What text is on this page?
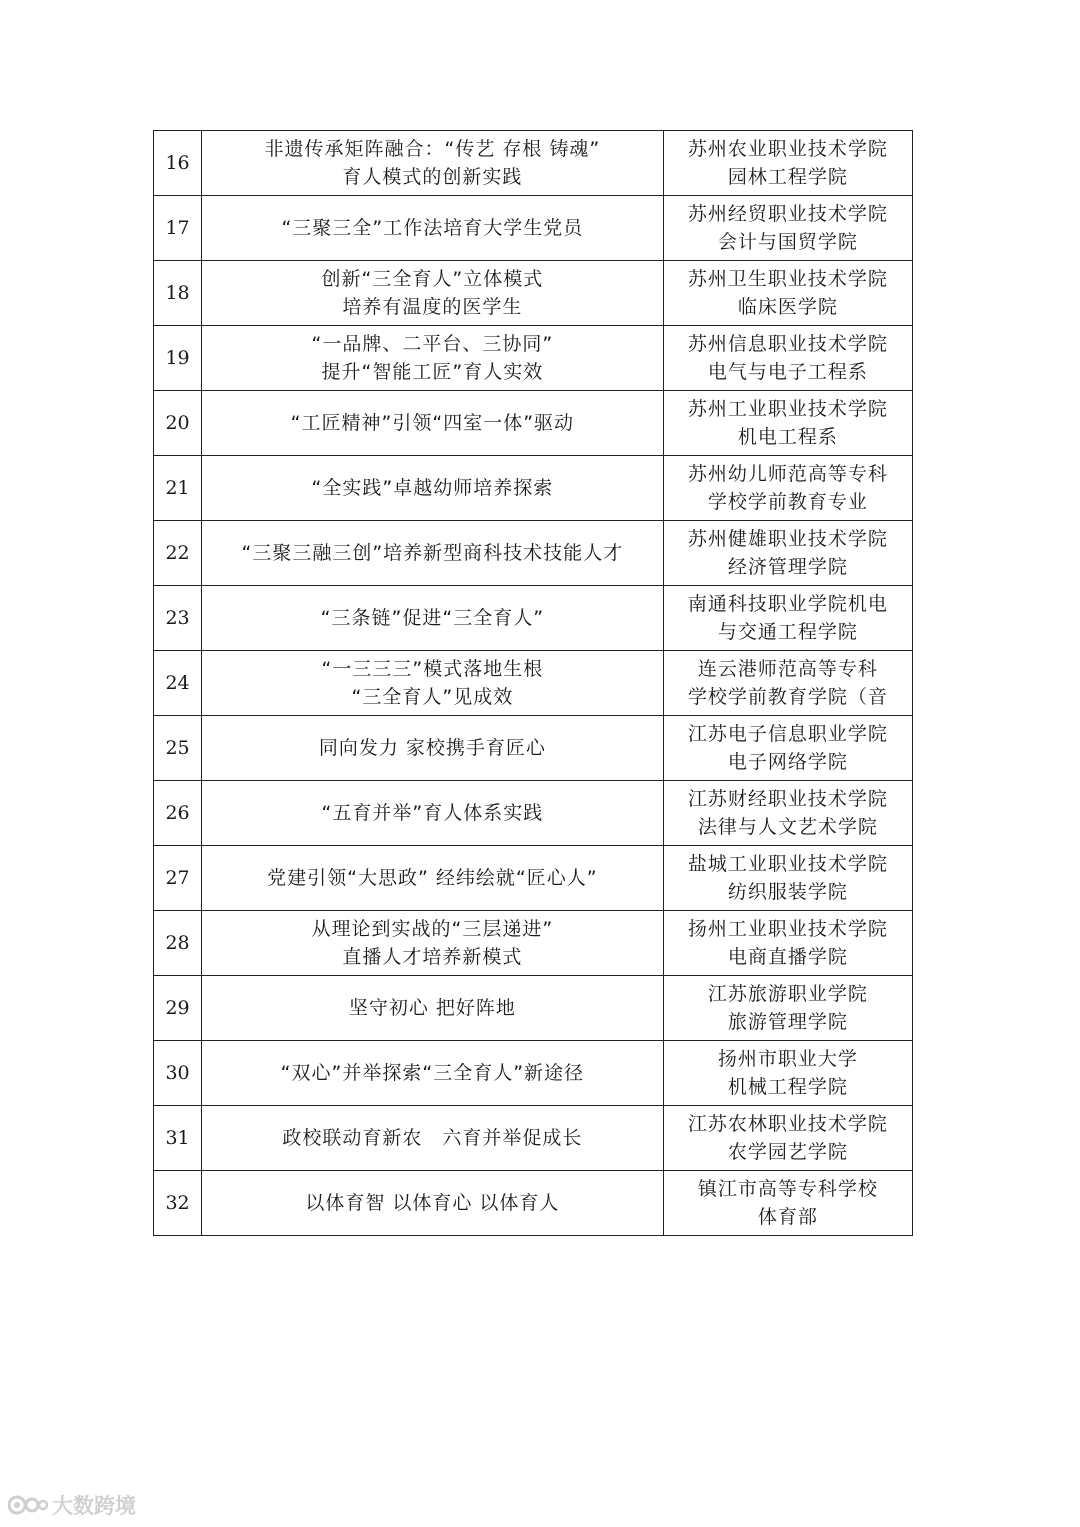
16	非遗传承矩阵融合：“传艺 存根 铸魂”
育人模式的创新实践	苏州农业职业技术学院
园林工程学院

17	“三聚三全”工作法培育大学生党员	苏州经贸职业技术学院
会计与国贸学院

18	创新“三全育人”立体模式
培养有温度的医学生	苏州卫生职业技术学院
临床医学院

19	“一品牌、二平台、三协同”
提升“智能工匠”育人实效	苏州信息职业技术学院
电气与电子工程系

20	“工匠精神”引领“四室一体”驱动	苏州工业职业技术学院
机电工程系

21	“全实践”卓越幼师培养探索	苏州幼儿师范高等专科
学校学前教育专业

22	“三聚三融三创”培养新型商科技术技能人才	苏州健雄职业技术学院
经济管理学院

23	“三条链”促进“三全育人”	南通科技职业学院机电
与交通工程学院

24	“一三三三”模式落地生根
“三全育人”见成效	连云港师范高等专科
学校学前教育学院（音

25	同向发力 家校携手育匠心	江苏电子信息职业学院
电子网络学院

26	“五育并举”育人体系实践	江苏财经职业技术学院
法律与人文艺术学院

27	党建引领“大思政” 经纬绘就“匠心人”	盐城工业职业技术学院
纺织服装学院

28	从理论到实战的“三层递进”
直播人才培养新模式	扬州工业职业技术学院
电商直播学院

29	坚守初心 把好阵地	江苏旅游职业学院
旅游管理学院

30	“双心”并举探索“三全育人”新途径	扬州市职业大学
机械工程学院

31	政校联动育新农　六育并举促成长	江苏农林职业技术学院
农学园艺学院

32	以体育智 以体育心 以体育人	镇江市高等专科学校
体育部
大数跨境
